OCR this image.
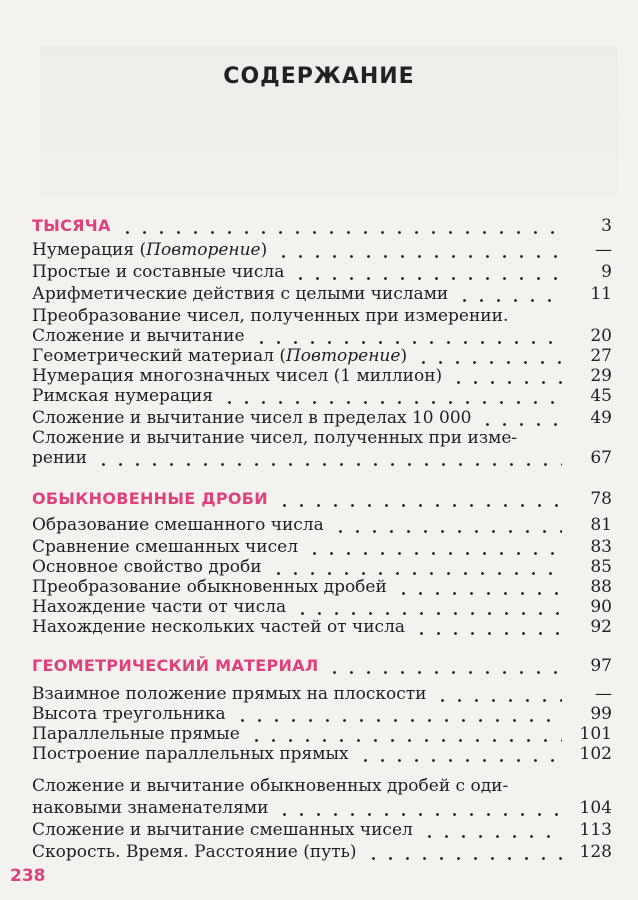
СОДЕРЖАНИЕ
ТЫСЯЧА	3
Нумерация (Повторение)	—
Простые и составные числа	9
Арифметические действия с целыми числами	11
Преобразование чисел, полученных при измерении.
Сложение и вычитание	20
Геометрический материал (Повторение)	27
Нумерация многозначных чисел (1 миллион)	29
Римская нумерация	45
Сложение и вычитание чисел в пределах 10 000	49
Сложение и вычитание чисел, полученных при изме-
рении	67
ОБЫКНОВЕННЫЕ ДРОБИ	78
Образование смешанного числа	81
Сравнение смешанных чисел	83
Основное свойство дроби	85
Преобразование обыкновенных дробей	88
Нахождение части от числа	90
Нахождение нескольких частей от числа	92
ГЕОМЕТРИЧЕСКИЙ МАТЕРИАЛ	97
Взаимное положение прямых на плоскости	—
Высота треугольника	99
Параллельные прямые	101
Построение параллельных прямых	102
Сложение и вычитание обыкновенных дробей с оди-
наковыми знаменателями	104
Сложение и вычитание смешанных чисел	113
Скорость. Время. Расстояние (путь)	128
238
